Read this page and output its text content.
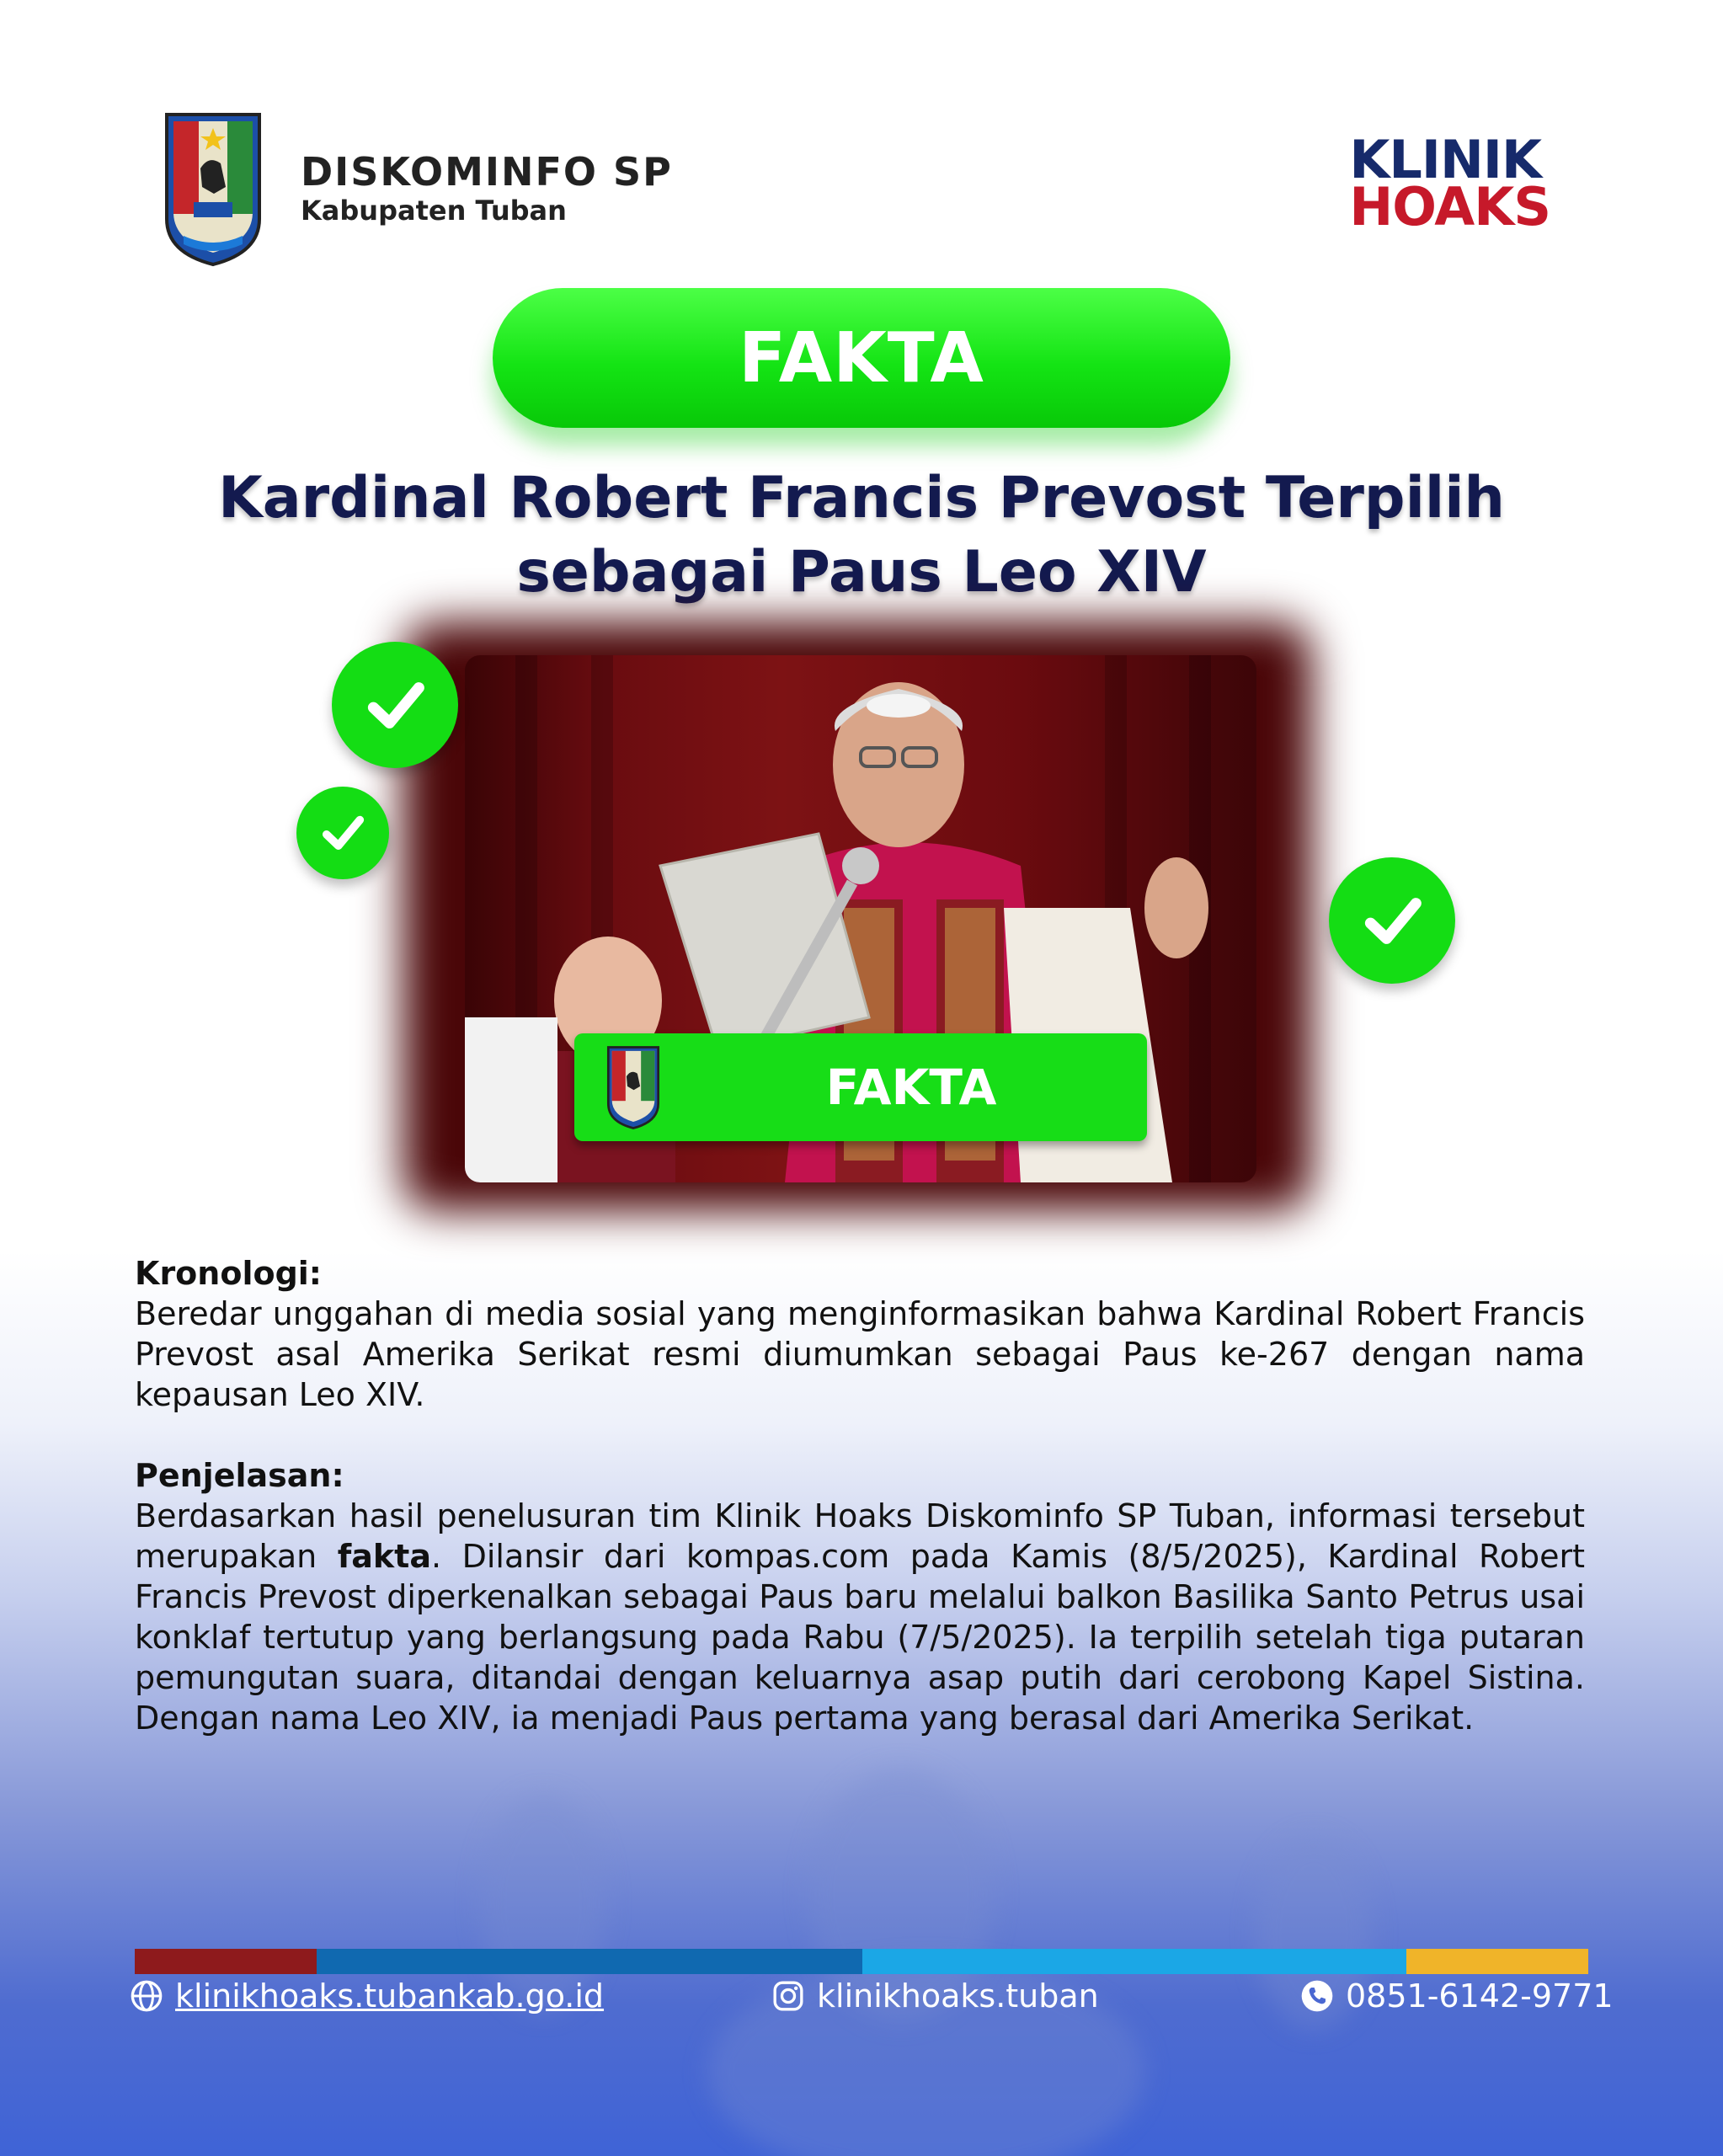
DISKOMINFO SP
Kabupaten Tuban
KLINIK
HOAKS
FAKTA
Kardinal Robert Francis Prevost Terpilih
sebagai Paus Leo XIV
FAKTA
Kronologi:

Beredar unggahan di media sosial yang menginformasikan bahwa Kardinal Robert Francis Prevost asal Amerika Serikat resmi diumumkan sebagai Paus ke-267 dengan nama kepausan Leo XIV.

Penjelasan:

Berdasarkan hasil penelusuran tim Klinik Hoaks Diskominfo SP Tuban, informasi tersebut merupakan fakta. Dilansir dari kompas.com pada Kamis (8/5/2025), Kardinal Robert Francis Prevost diperkenalkan sebagai Paus baru melalui balkon Basilika Santo Petrus usai konklaf tertutup yang berlangsung pada Rabu (7/5/2025). Ia terpilih setelah tiga putaran pemungutan suara, ditandai dengan keluarnya asap putih dari cerobong Kapel Sistina. Dengan nama Leo XIV, ia menjadi Paus pertama yang berasal dari Amerika Serikat.

klinikhoaks.tubankab.go.id	klinikhoaks.tuban	0851-6142-9771
